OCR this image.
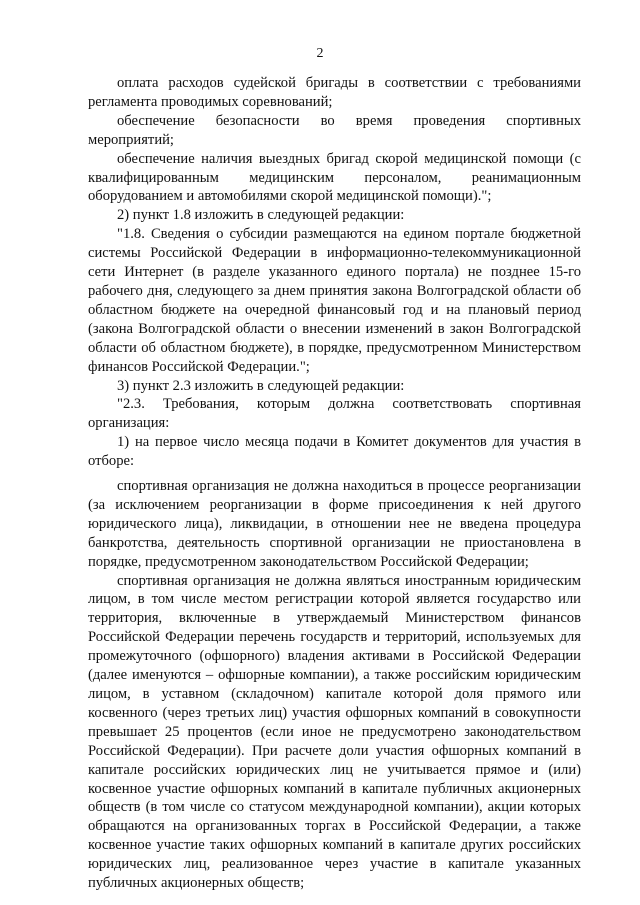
2

оплата расходов судейской бригады в соответствии с требованиями регламента проводимых соревнований;

обеспечение безопасности во время проведения спортивных мероприятий;

обеспечение наличия выездных бригад скорой медицинской помощи (с квалифицированным медицинским персоналом, реанимационным оборудованием и автомобилями скорой медицинской помощи).";

2) пункт 1.8 изложить в следующей редакции:

"1.8. Сведения о субсидии размещаются на едином портале бюджетной системы Российской Федерации в информационно-телекоммуникационной сети Интернет (в разделе указанного единого портала) не позднее 15-го рабочего дня, следующего за днем принятия закона Волгоградской области об областном бюджете на очередной финансовый год и на плановый период (закона Волгоградской области о внесении изменений в закон Волгоградской области об областном бюджете), в порядке, предусмотренном Министерством финансов Российской Федерации.";

3) пункт 2.3 изложить в следующей редакции:

"2.3. Требования, которым должна соответствовать спортивная организация:

1) на первое число месяца подачи в Комитет документов для участия в отборе:

спортивная организация не должна находиться в процессе реорганизации (за исключением реорганизации в форме присоединения к ней другого юридического лица), ликвидации, в отношении нее не введена процедура банкротства, деятельность спортивной организации не приостановлена в порядке, предусмотренном законодательством Российской Федерации;

спортивная организация не должна являться иностранным юридическим лицом, в том числе местом регистрации которой является государство или территория, включенные в утверждаемый Министерством финансов Российской Федерации перечень государств и территорий, используемых для промежуточного (офшорного) владения активами в Российской Федерации (далее именуются – офшорные компании), а также российским юридическим лицом, в уставном (складочном) капитале которой доля прямого или косвенного (через третьих лиц) участия офшорных компаний в совокупности превышает 25 процентов (если иное не предусмотрено законодательством Российской Федерации). При расчете доли участия офшорных компаний в капитале российских юридических лиц не учитывается прямое и (или) косвенное участие офшорных компаний в капитале публичных акционерных обществ (в том числе со статусом международной компании), акции которых обращаются на организованных торгах в Российской Федерации, а также косвенное участие таких офшорных компаний в капитале других российских юридических лиц, реализованное через участие в капитале указанных публичных акционерных обществ;
